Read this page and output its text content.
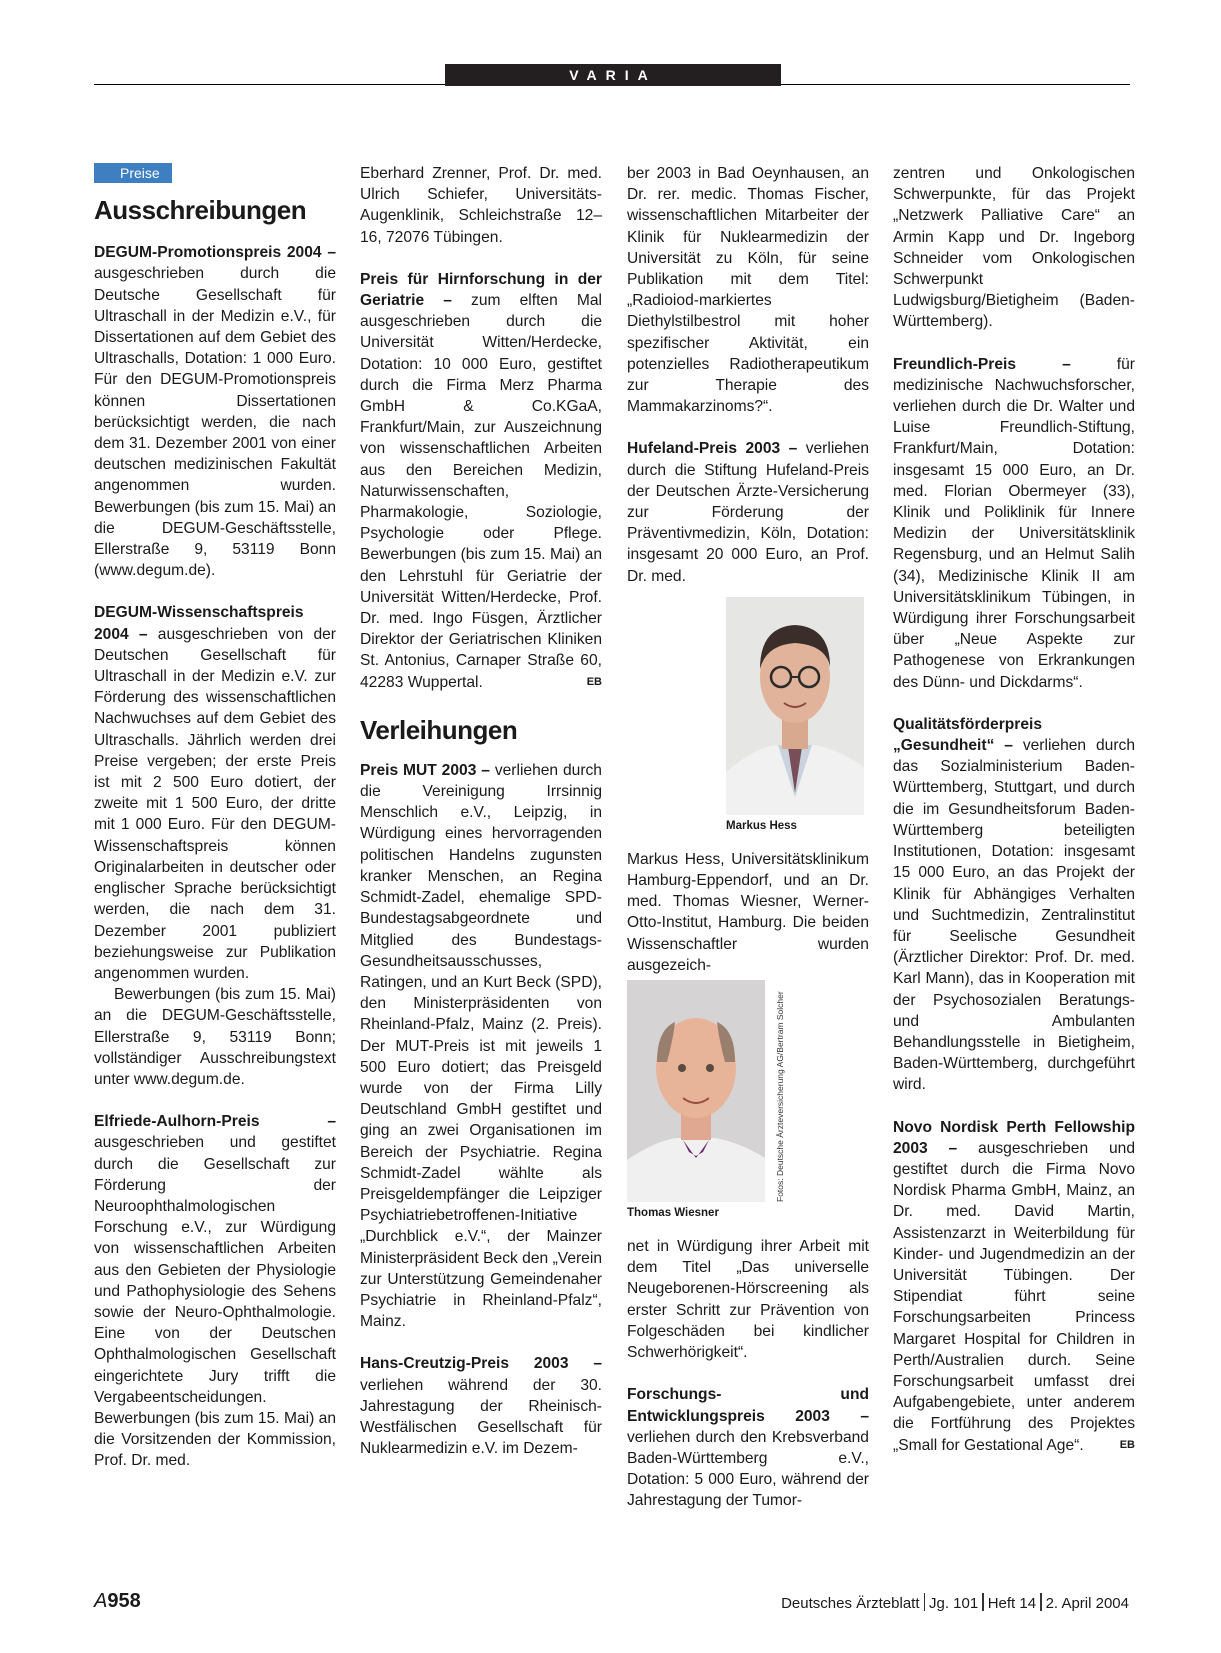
VARIA
Preise
Ausschreibungen

DEGUM-Promotionspreis 2004 – ausgeschrieben durch die Deutsche Gesellschaft für Ultraschall in der Medizin e.V., für Dissertationen auf dem Gebiet des Ultraschalls, Dotation: 1 000 Euro. Für den DEGUM-Promotionspreis können Dissertationen berücksichtigt werden, die nach dem 31. Dezember 2001 von einer deutschen medizinischen Fakultät angenommen wurden. Bewerbungen (bis zum 15. Mai) an die DEGUM-Geschäftsstelle, Ellerstraße 9, 53119 Bonn (www.degum.de).

DEGUM-Wissenschaftspreis 2004 – ausgeschrieben von der Deutschen Gesellschaft für Ultraschall in der Medizin e.V. zur Förderung des wissenschaftlichen Nachwuchses auf dem Gebiet des Ultraschalls. Jährlich werden drei Preise vergeben; der erste Preis ist mit 2 500 Euro dotiert, der zweite mit 1 500 Euro, der dritte mit 1 000 Euro. Für den DEGUM-Wissenschaftspreis können Originalarbeiten in deutscher oder englischer Sprache berücksichtigt werden, die nach dem 31. Dezember 2001 publiziert beziehungsweise zur Publikation angenommen wurden.

Bewerbungen (bis zum 15. Mai) an die DEGUM-Geschäftsstelle, Ellerstraße 9, 53119 Bonn; vollständiger Ausschreibungstext unter www.degum.de.

Elfriede-Aulhorn-Preis – ausgeschrieben und gestiftet durch die Gesellschaft zur Förderung der Neuroophthalmologischen Forschung e.V., zur Würdigung von wissenschaftlichen Arbeiten aus den Gebieten der Physiologie und Pathophysiologie des Sehens sowie der Neuro-Ophthalmologie. Eine von der Deutschen Ophthalmologischen Gesellschaft eingerichtete Jury trifft die Vergabeentscheidungen. Bewerbungen (bis zum 15. Mai) an die Vorsitzenden der Kommission, Prof. Dr. med.

Eberhard Zrenner, Prof. Dr. med. Ulrich Schiefer, Universitäts-Augenklinik, Schleichstraße 12–16, 72076 Tübingen.

Preis für Hirnforschung in der Geriatrie – zum elften Mal ausgeschrieben durch die Universität Witten/Herdecke, Dotation: 10 000 Euro, gestiftet durch die Firma Merz Pharma GmbH & Co.KGaA, Frankfurt/Main, zur Auszeichnung von wissenschaftlichen Arbeiten aus den Bereichen Medizin, Naturwissenschaften, Pharmakologie, Soziologie, Psychologie oder Pflege. Bewerbungen (bis zum 15. Mai) an den Lehrstuhl für Geriatrie der Universität Witten/Herdecke, Prof. Dr. med. Ingo Füsgen, Ärztlicher Direktor der Geriatrischen Kliniken St. Antonius, Carnaper Straße 60, 42283 Wuppertal.	EB

Verleihungen

Preis MUT 2003 – verliehen durch die Vereinigung Irrsinnig Menschlich e.V., Leipzig, in Würdigung eines hervorragenden politischen Handelns zugunsten kranker Menschen, an Regina Schmidt-Zadel, ehemalige SPD-Bundestagsabgeordnete und Mitglied des Bundestags-Gesundheitsausschusses, Ratingen, und an Kurt Beck (SPD), den Ministerpräsidenten von Rheinland-Pfalz, Mainz (2. Preis). Der MUT-Preis ist mit jeweils 1 500 Euro dotiert; das Preisgeld wurde von der Firma Lilly Deutschland GmbH gestiftet und ging an zwei Organisationen im Bereich der Psychiatrie. Regina Schmidt-Zadel wählte als Preisgeldempfänger die Leipziger Psychiatriebetroffenen-Initiative „Durchblick e.V.“, der Mainzer Ministerpräsident Beck den „Verein zur Unterstützung Gemeindenaher Psychiatrie in Rheinland-Pfalz“, Mainz.

Hans-Creutzig-Preis 2003 – verliehen während der 30. Jahrestagung der Rheinisch-Westfälischen Gesellschaft für Nuklearmedizin e.V. im Dezem-

ber 2003 in Bad Oeynhausen, an Dr. rer. medic. Thomas Fischer, wissenschaftlichen Mitarbeiter der Klinik für Nuklearmedizin der Universität zu Köln, für seine Publikation mit dem Titel: „Radioiod-markiertes Diethylstilbestrol mit hoher spezifischer Aktivität, ein potenzielles Radiotherapeutikum zur Therapie des Mammakarzinoms?“.

Hufeland-Preis 2003 – verliehen durch die Stiftung Hufeland-Preis der Deutschen Ärzte-Versicherung zur Förderung der Präventivmedizin, Köln, Dotation: insgesamt 20 000 Euro, an Prof. Dr. med.

Markus Hess

Markus Hess, Universitätsklinikum Hamburg-Eppendorf, und an Dr. med. Thomas Wiesner, Werner-Otto-Institut, Hamburg. Die beiden Wissenschaftler wurden ausgezeich-

Fotos: Deutsche Ärzteversicherung AG/Bertram Solcher
Thomas Wiesner

net in Würdigung ihrer Arbeit mit dem Titel „Das universelle Neugeborenen-Hörscreening als erster Schritt zur Prävention von Folgeschäden bei kindlicher Schwerhörigkeit“.

Forschungs- und Entwicklungspreis 2003 – verliehen durch den Krebsverband Baden-Württemberg e.V., Dotation: 5 000 Euro, während der Jahrestagung der Tumor-

zentren und Onkologischen Schwerpunkte, für das Projekt „Netzwerk Palliative Care“ an Armin Kapp und Dr. Ingeborg Schneider vom Onkologischen Schwerpunkt Ludwigsburg/Bietigheim (Baden-Württemberg).

Freundlich-Preis – für medizinische Nachwuchsforscher, verliehen durch die Dr. Walter und Luise Freundlich-Stiftung, Frankfurt/Main, Dotation: insgesamt 15 000 Euro, an Dr. med. Florian Obermeyer (33), Klinik und Poliklinik für Innere Medizin der Universitätsklinik Regensburg, und an Helmut Salih (34), Medizinische Klinik II am Universitätsklinikum Tübingen, in Würdigung ihrer Forschungsarbeit über „Neue Aspekte zur Pathogenese von Erkrankungen des Dünn- und Dickdarms“.

Qualitätsförderpreis „Gesundheit“ – verliehen durch das Sozialministerium Baden-Württemberg, Stuttgart, und durch die im Gesundheitsforum Baden-Württemberg beteiligten Institutionen, Dotation: insgesamt 15 000 Euro, an das Projekt der Klinik für Abhängiges Verhalten und Suchtmedizin, Zentralinstitut für Seelische Gesundheit (Ärztlicher Direktor: Prof. Dr. med. Karl Mann), das in Kooperation mit der Psychosozialen Beratungs- und Ambulanten Behandlungsstelle in Bietigheim, Baden-Württemberg, durchgeführt wird.

Novo Nordisk Perth Fellowship 2003 – ausgeschrieben und gestiftet durch die Firma Novo Nordisk Pharma GmbH, Mainz, an Dr. med. David Martin, Assistenzarzt in Weiterbildung für Kinder- und Jugendmedizin an der Universität Tübingen. Der Stipendiat führt seine Forschungsarbeiten Princess Margaret Hospital for Children in Perth/Australien durch. Seine Forschungsarbeit umfasst drei Aufgabengebiete, unter anderem die Fortführung des Projektes „Small for Gestational Age“.	EB

A958	Deutsches Ärzteblatt Jg. 101 Heft 14 2. April 2004
